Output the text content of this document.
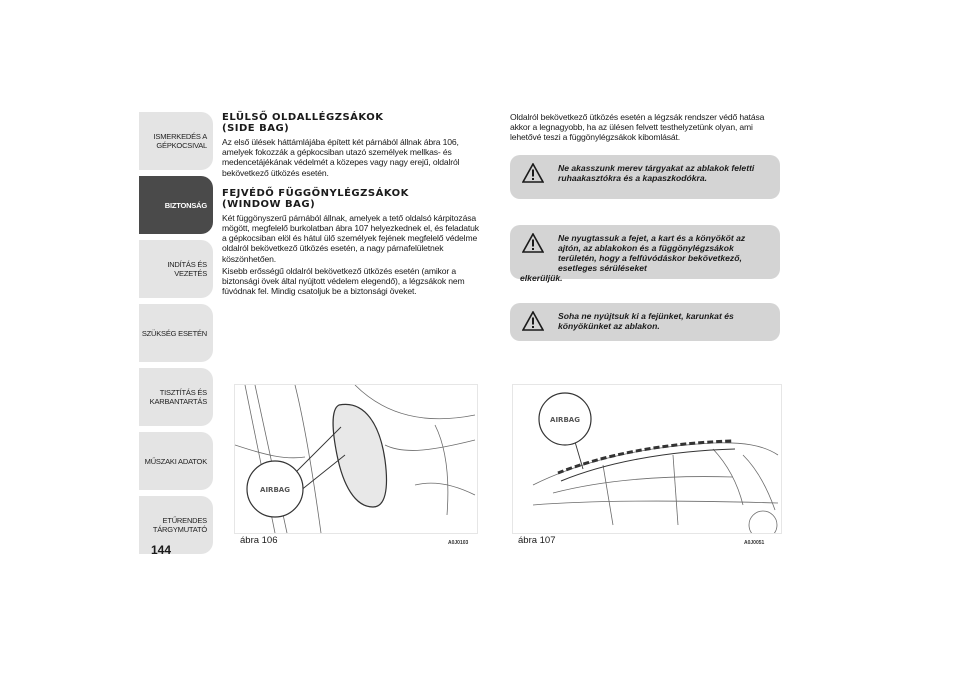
ISMERKEDÉS A
GÉPKOCSIVAL
BIZTONSÁG
INDÍTÁS ÉS VEZETÉS
SZÜKSÉG ESETÉN
TISZTÍTÁS ÉS
KARBANTARTÁS
MŰSZAKI ADATOK
ETŰRENDES
TÁRGYMUTATÓ
144
ELÜLSŐ OLDALLÉGZSÁKOK
(SIDE BAG)

Az első ülések háttámlájába épített két párnából állnak ábra 106, amelyek fokozzák a gépkocsiban utazó személyek mellkas- és medencetájékának védelmét a közepes vagy nagy erejű, oldalról bekövetkező ütközés esetén.

FEJVÉDŐ FÜGGÖNYLÉGZSÁKOK
(WINDOW BAG)

Két függönyszerű párnából állnak, amelyek a tető oldalsó kárpitozása mögött, megfelelő burkolatban ábra 107 helyezkednek el, és feladatuk a gépkocsiban elöl és hátul ülő személyek fejének megfelelő védelme oldalról bekövetkező ütközés esetén, a nagy párnafelületnek köszönhetően.

Kisebb erősségű oldalról bekövetkező ütközés esetén (amikor a biztonsági övek által nyújtott védelem elegendő), a légzsákok nem fúvódnak fel. Mindig csatoljuk be a biztonsági öveket.

Oldalról bekövetkező ütközés esetén a légzsák rendszer védő hatása akkor a legnagyobb, ha az ülésen felvett testhelyzetünk olyan, ami lehetővé teszi a függönylégzsákok kibomlását.

Ne akasszunk merev tárgyakat az ablakok feletti ruhaakasztókra és a kapaszkodókra.
Ne nyugtassuk a fejet, a kart és a könyököt az ajtón, az ablakokon és a függönylégzsákok területén, hogy a felfúvódáskor bekövetkező, esetleges sérüléseket
elkerüljük.
Soha ne nyújtsuk ki a fejünket, karunkat és könyökünket az ablakon.
AIRBAG
ábra 106	A0J0103
AIRBAG
ábra 107	A0J0051
